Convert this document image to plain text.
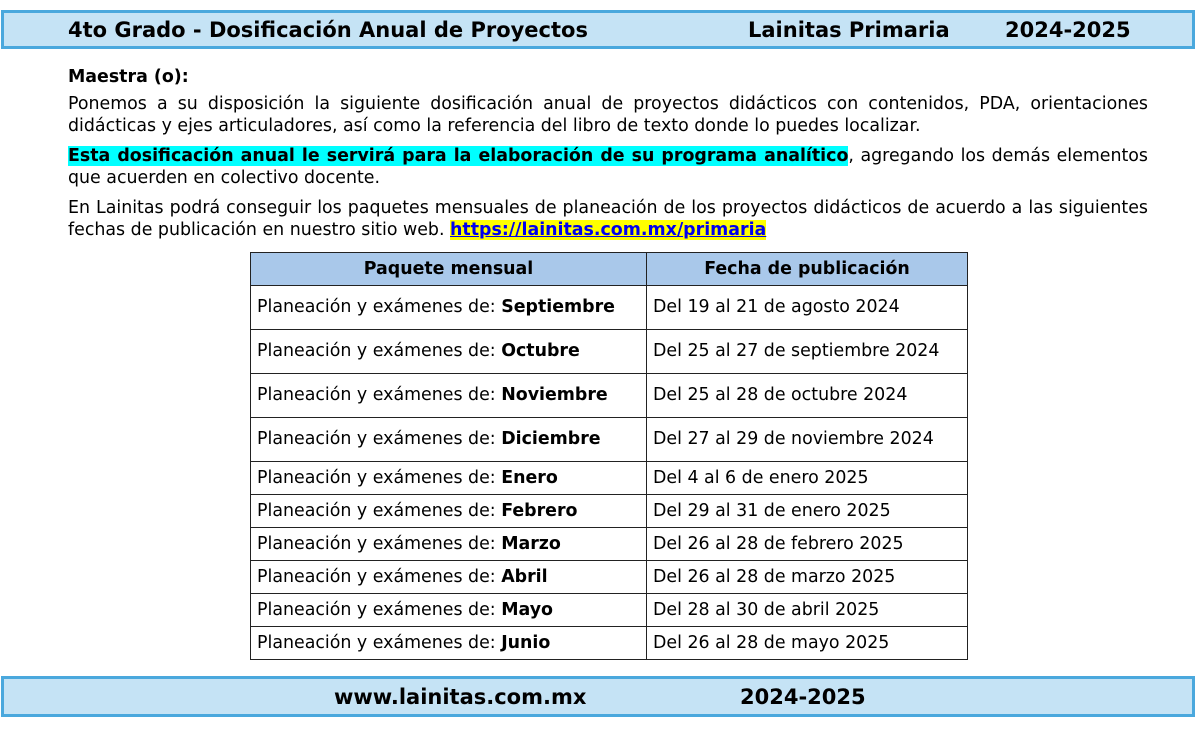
4to Grado - Dosificación Anual de Proyectos	Lainitas Primaria	2024-2025

Maestra (o):

Ponemos a su disposición la siguiente dosificación anual de proyectos didácticos con contenidos, PDA, orientaciones didácticas y ejes articuladores, así como la referencia del libro de texto donde lo puedes localizar.

Esta dosificación anual le servirá para la elaboración de su programa analítico, agregando los demás elementos que acuerden en colectivo docente.

En Lainitas podrá conseguir los paquetes mensuales de planeación de los proyectos didácticos de acuerdo a las siguientes fechas de publicación en nuestro sitio web. https://lainitas.com.mx/primaria

Paquete mensual	Fecha de publicación
Planeación y exámenes de: Septiembre	Del 19 al 21 de agosto 2024
Planeación y exámenes de: Octubre	Del 25 al 27 de septiembre 2024
Planeación y exámenes de: Noviembre	Del 25 al 28 de octubre 2024
Planeación y exámenes de: Diciembre	Del 27 al 29 de noviembre 2024
Planeación y exámenes de: Enero	Del 4 al 6 de enero 2025
Planeación y exámenes de: Febrero	Del 29 al 31 de enero 2025
Planeación y exámenes de: Marzo	Del 26 al 28 de febrero 2025
Planeación y exámenes de: Abril	Del 26 al 28 de marzo 2025
Planeación y exámenes de: Mayo	Del 28 al 30 de abril 2025
Planeación y exámenes de: Junio	Del 26 al 28 de mayo 2025
www.lainitas.com.mx	2024-2025
